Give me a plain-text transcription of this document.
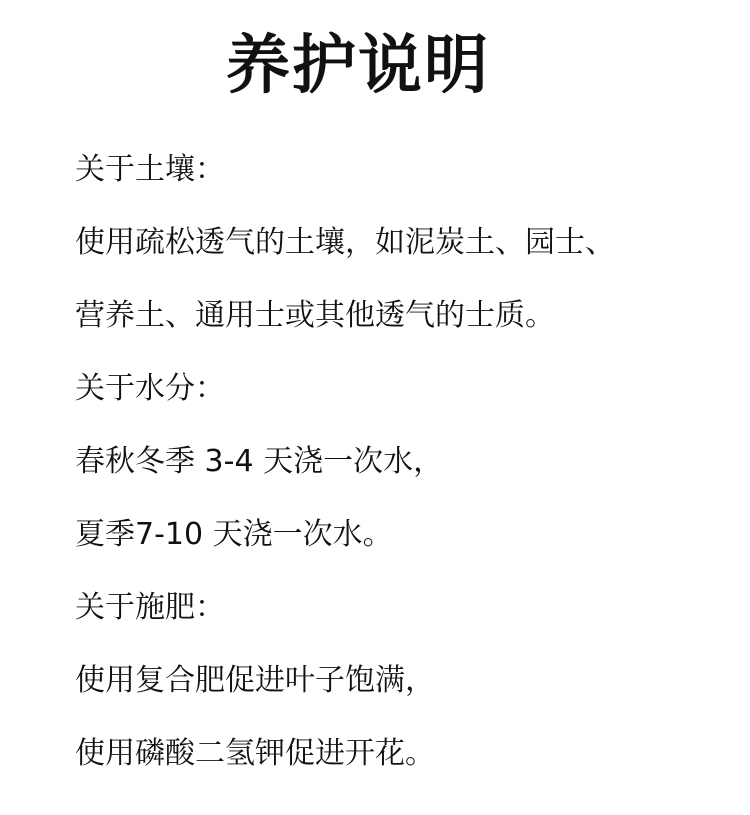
养护说明

关于土壤：

使用疏松透气的土壤，如泥炭土、园士、

营养土、通用士或其他透气的士质。

关于水分：

春秋冬季 3-4 天浇一次水，

夏季7-10 天浇一次水。

关于施肥：

使用复合肥促进叶子饱满，

使用磷酸二氢钾促进开花。
